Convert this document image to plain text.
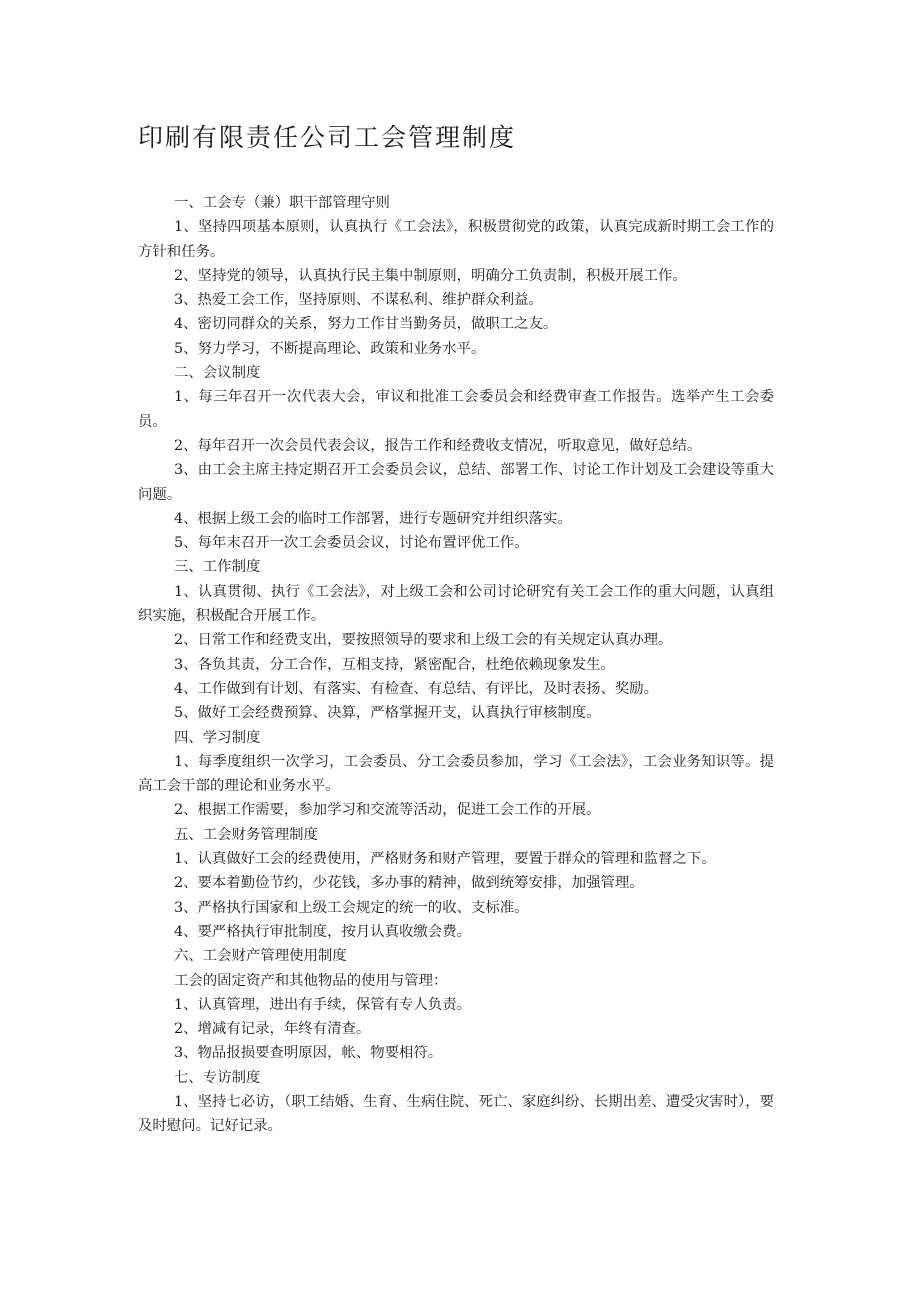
印刷有限责任公司工会管理制度

一、工会专（兼）职干部管理守则

1、坚持四项基本原则，认真执行《工会法》，积极贯彻党的政策，认真完成新时期工会工作的方针和任务。

2、坚持党的领导，认真执行民主集中制原则，明确分工负责制，积极开展工作。

3、热爱工会工作，坚持原则、不谋私利、维护群众利益。

4、密切同群众的关系，努力工作甘当勤务员，做职工之友。

5、努力学习，不断提高理论、政策和业务水平。

二、会议制度

1、每三年召开一次代表大会，审议和批准工会委员会和经费审查工作报告。选举产生工会委员。

2、每年召开一次会员代表会议，报告工作和经费收支情况，听取意见，做好总结。

3、由工会主席主持定期召开工会委员会议，总结、部署工作、讨论工作计划及工会建设等重大问题。

4、根据上级工会的临时工作部署，进行专题研究并组织落实。

5、每年末召开一次工会委员会议，讨论布置评优工作。

三、工作制度

1、认真贯彻、执行《工会法》，对上级工会和公司讨论研究有关工会工作的重大问题，认真组织实施，积极配合开展工作。

2、日常工作和经费支出，要按照领导的要求和上级工会的有关规定认真办理。

3、各负其责，分工合作，互相支持，紧密配合，杜绝依赖现象发生。

4、工作做到有计划、有落实、有检查、有总结、有评比，及时表扬、奖励。

5、做好工会经费预算、决算，严格掌握开支，认真执行审核制度。

四、学习制度

1、每季度组织一次学习，工会委员、分工会委员参加，学习《工会法》，工会业务知识等。提高工会干部的理论和业务水平。

2、根据工作需要，参加学习和交流等活动，促进工会工作的开展。

五、工会财务管理制度

1、认真做好工会的经费使用，严格财务和财产管理，要置于群众的管理和监督之下。

2、要本着勤俭节约，少花钱，多办事的精神，做到统筹安排，加强管理。

3、严格执行国家和上级工会规定的统一的收、支标准。

4、要严格执行审批制度，按月认真收缴会费。

六、工会财产管理使用制度

工会的固定资产和其他物品的使用与管理：

1、认真管理，进出有手续，保管有专人负责。

2、增减有记录，年终有清查。

3、物品报损要查明原因，帐、物要相符。

七、专访制度

1、坚持七必访，（职工结婚、生育、生病住院、死亡、家庭纠纷、长期出差、遭受灾害时），要及时慰问。记好记录。
